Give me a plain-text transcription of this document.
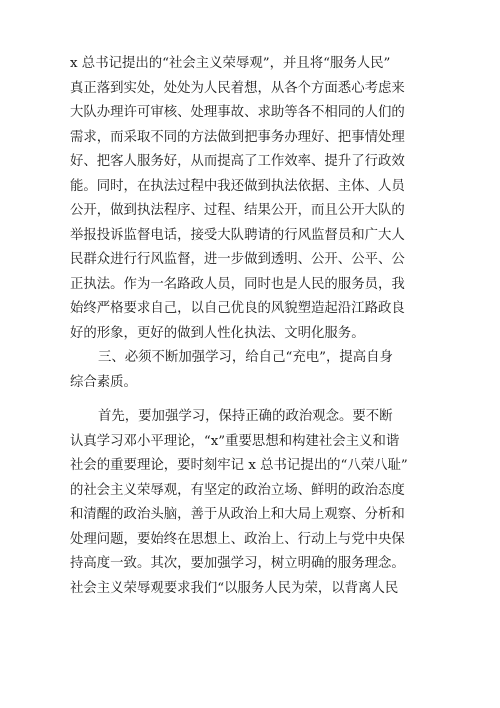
x 总书记提出的“社会主义荣辱观”，并且将“服务人民”
真正落到实处，处处为人民着想，从各个方面悉心考虑来
大队办理许可审核、处理事故、求助等各不相同的人们的
需求，而采取不同的方法做到把事务办理好、把事情处理
好、把客人服务好，从而提高了工作效率、提升了行政效
能。同时，在执法过程中我还做到执法依据、主体、人员
公开，做到执法程序、过程、结果公开，而且公开大队的
举报投诉监督电话，接受大队聘请的行风监督员和广大人
民群众进行行风监督，进一步做到透明、公开、公平、公
正执法。作为一名路政人员，同时也是人民的服务员，我
始终严格要求自己，以自己优良的风貌塑造起沿江路政良
好的形象，更好的做到人性化执法、文明化服务。
三、必须不断加强学习，给自己“充电”，提高自身
综合素质。
首先，要加强学习，保持正确的政治观念。要不断
认真学习邓小平理论，“x”重要思想和构建社会主义和谐
社会的重要理论，要时刻牢记 x 总书记提出的“八荣八耻”
的社会主义荣辱观，有坚定的政治立场、鲜明的政治态度
和清醒的政治头脑，善于从政治上和大局上观察、分析和
处理问题，要始终在思想上、政治上、行动上与党中央保
持高度一致。其次，要加强学习，树立明确的服务理念。
社会主义荣辱观要求我们“以服务人民为荣，以背离人民
